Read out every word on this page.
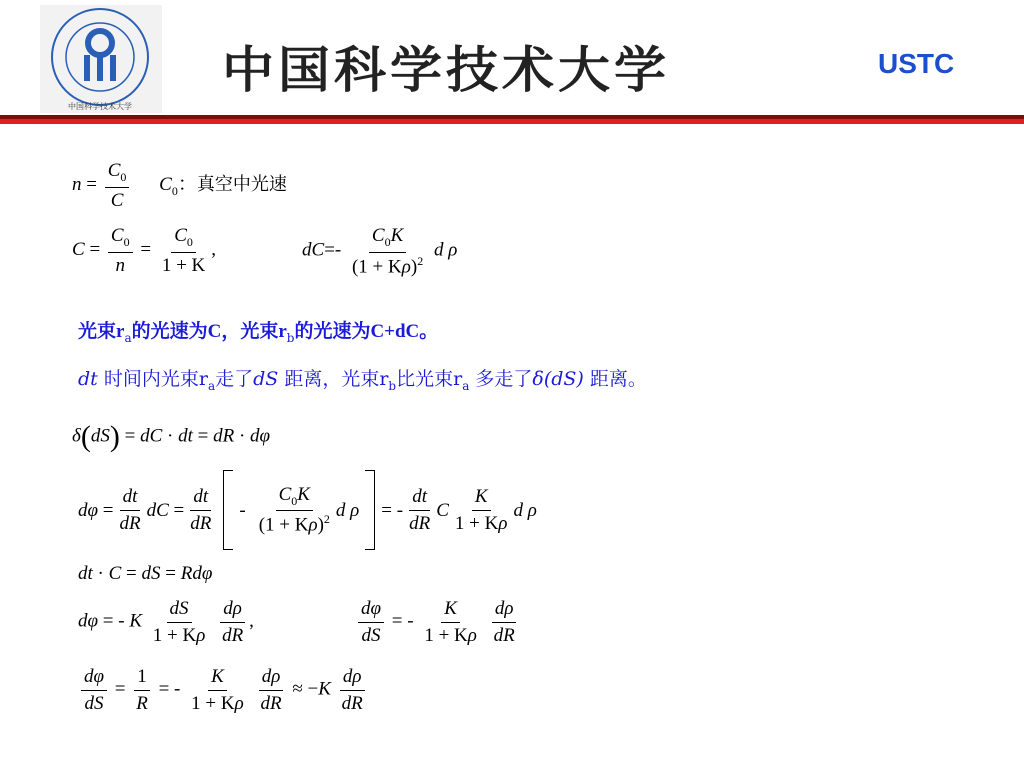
中国科学技术大学
中国科学技术大学	USTC
$n = \frac{C_0}{C} C_0$：真空中光速
$C = \frac{C_0}{n} = \frac{C_0}{1 + K}$ ,	$dC=- \frac{C_0K}{(1 + K\rho)^2}$ d ρ
光束$r_a$的光速为C，光束$r_b$的光速为C+dC。
dt 时间内光束$r_a$走了dS 距离，光束$r_b$比光束$r_a$ 多走了δ(dS) 距离。
δ(dS) = dC · dt = dR · dφ
$d\varphi = \frac{dt}{dR}$ dC = $\frac{dt}{dR} - \frac{C_0K}{(1 + K\rho)^2}$ d ρ = - $\frac{dt}{dR}$ C $\frac{K}{1 + K\rho}$ d ρ
dt · C = dS = Rdφ
dφ = - K $\frac{dS}{1 + K\rho}$
$\frac{d\rho}{dR}$ ,	$\frac{d\varphi}{dS}$ = - $\frac{K}{1 + K\rho}$
$\frac{d\rho}{dR}$
$\frac{d\varphi}{dS} = \frac{1}{R}$ = - $\frac{K}{1 + K\rho}$
$\frac{d\rho}{dR} \approx -K \frac{d\rho}{dR}$
